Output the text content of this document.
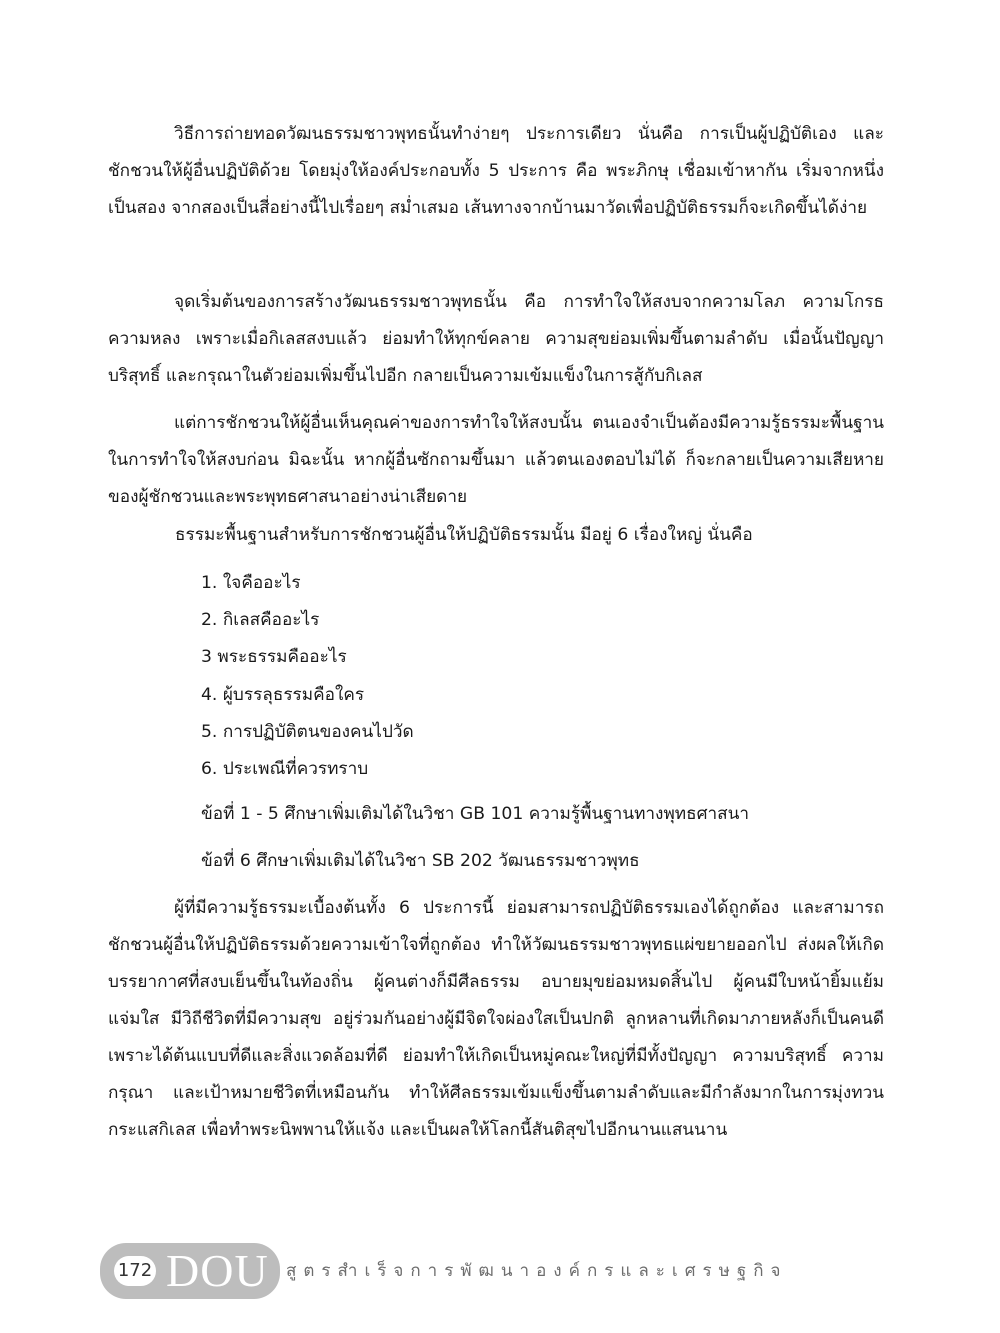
วิธีการถ่ายทอดวัฒนธรรมชาวพุทธนั้นทำง่ายๆ ประการเดียว นั่นคือ การเป็นผู้ปฏิบัติเอง และชักชวนให้ผู้อื่นปฏิบัติด้วย โดยมุ่งให้องค์ประกอบทั้ง 5 ประการ คือ พระภิกษุ เชื่อมเข้าหากัน เริ่มจากหนึ่งเป็นสอง จากสองเป็นสี่อย่างนี้ไปเรื่อยๆ สม่ำเสมอ เส้นทางจากบ้านมาวัดเพื่อปฏิบัติธรรมก็จะเกิดขึ้นได้ง่าย

จุดเริ่มต้นของการสร้างวัฒนธรรมชาวพุทธนั้น คือ การทำใจให้สงบจากความโลภ ความโกรธ ความหลง เพราะเมื่อกิเลสสงบแล้ว ย่อมทำให้ทุกข์คลาย ความสุขย่อมเพิ่มขึ้นตามลำดับ เมื่อนั้นปัญญา บริสุทธิ์ และกรุณาในตัวย่อมเพิ่มขึ้นไปอีก กลายเป็นความเข้มแข็งในการสู้กับกิเลส

แต่การชักชวนให้ผู้อื่นเห็นคุณค่าของการทำใจให้สงบนั้น ตนเองจำเป็นต้องมีความรู้ธรรมะพื้นฐานในการทำใจให้สงบก่อน มิฉะนั้น หากผู้อื่นซักถามขึ้นมา แล้วตนเองตอบไม่ได้ ก็จะกลายเป็นความเสียหายของผู้ชักชวนและพระพุทธศาสนาอย่างน่าเสียดาย

ธรรมะพื้นฐานสำหรับการชักชวนผู้อื่นให้ปฏิบัติธรรมนั้น มีอยู่ 6 เรื่องใหญ่ นั่นคือ

1. ใจคืออะไร
2. กิเลสคืออะไร
3 พระธรรมคืออะไร
4. ผู้บรรลุธรรมคือใคร
5. การปฏิบัติตนของคนไปวัด
6. ประเพณีที่ควรทราบ

ข้อที่ 1 - 5 ศึกษาเพิ่มเติมได้ในวิชา GB 101 ความรู้พื้นฐานทางพุทธศาสนา

ข้อที่ 6 ศึกษาเพิ่มเติมได้ในวิชา SB 202 วัฒนธรรมชาวพุทธ

ผู้ที่มีความรู้ธรรมะเบื้องต้นทั้ง 6 ประการนี้ ย่อมสามารถปฏิบัติธรรมเองได้ถูกต้อง และสามารถชักชวนผู้อื่นให้ปฏิบัติธรรมด้วยความเข้าใจที่ถูกต้อง ทำให้วัฒนธรรมชาวพุทธแผ่ขยายออกไป ส่งผลให้เกิดบรรยากาศที่สงบเย็นขึ้นในท้องถิ่น ผู้คนต่างก็มีศีลธรรม อบายมุขย่อมหมดสิ้นไป ผู้คนมีใบหน้ายิ้มแย้มแจ่มใส มีวิถีชีวิตที่มีความสุข อยู่ร่วมกันอย่างผู้มีจิตใจผ่องใสเป็นปกติ ลูกหลานที่เกิดมาภายหลังก็เป็นคนดีเพราะได้ต้นแบบที่ดีและสิ่งแวดล้อมที่ดี ย่อมทำให้เกิดเป็นหมู่คณะใหญ่ที่มีทั้งปัญญา ความบริสุทธิ์ ความกรุณา และเป้าหมายชีวิตที่เหมือนกัน ทำให้ศีลธรรมเข้มแข็งขึ้นตามลำดับและมีกำลังมากในการมุ่งทวนกระแสกิเลส เพื่อทำพระนิพพานให้แจ้ง และเป็นผลให้โลกนี้สันติสุขไปอีกนานแสนนาน

172 DOU สูตรสำเร็จการพัฒนาองค์กรและเศรษฐกิจ
